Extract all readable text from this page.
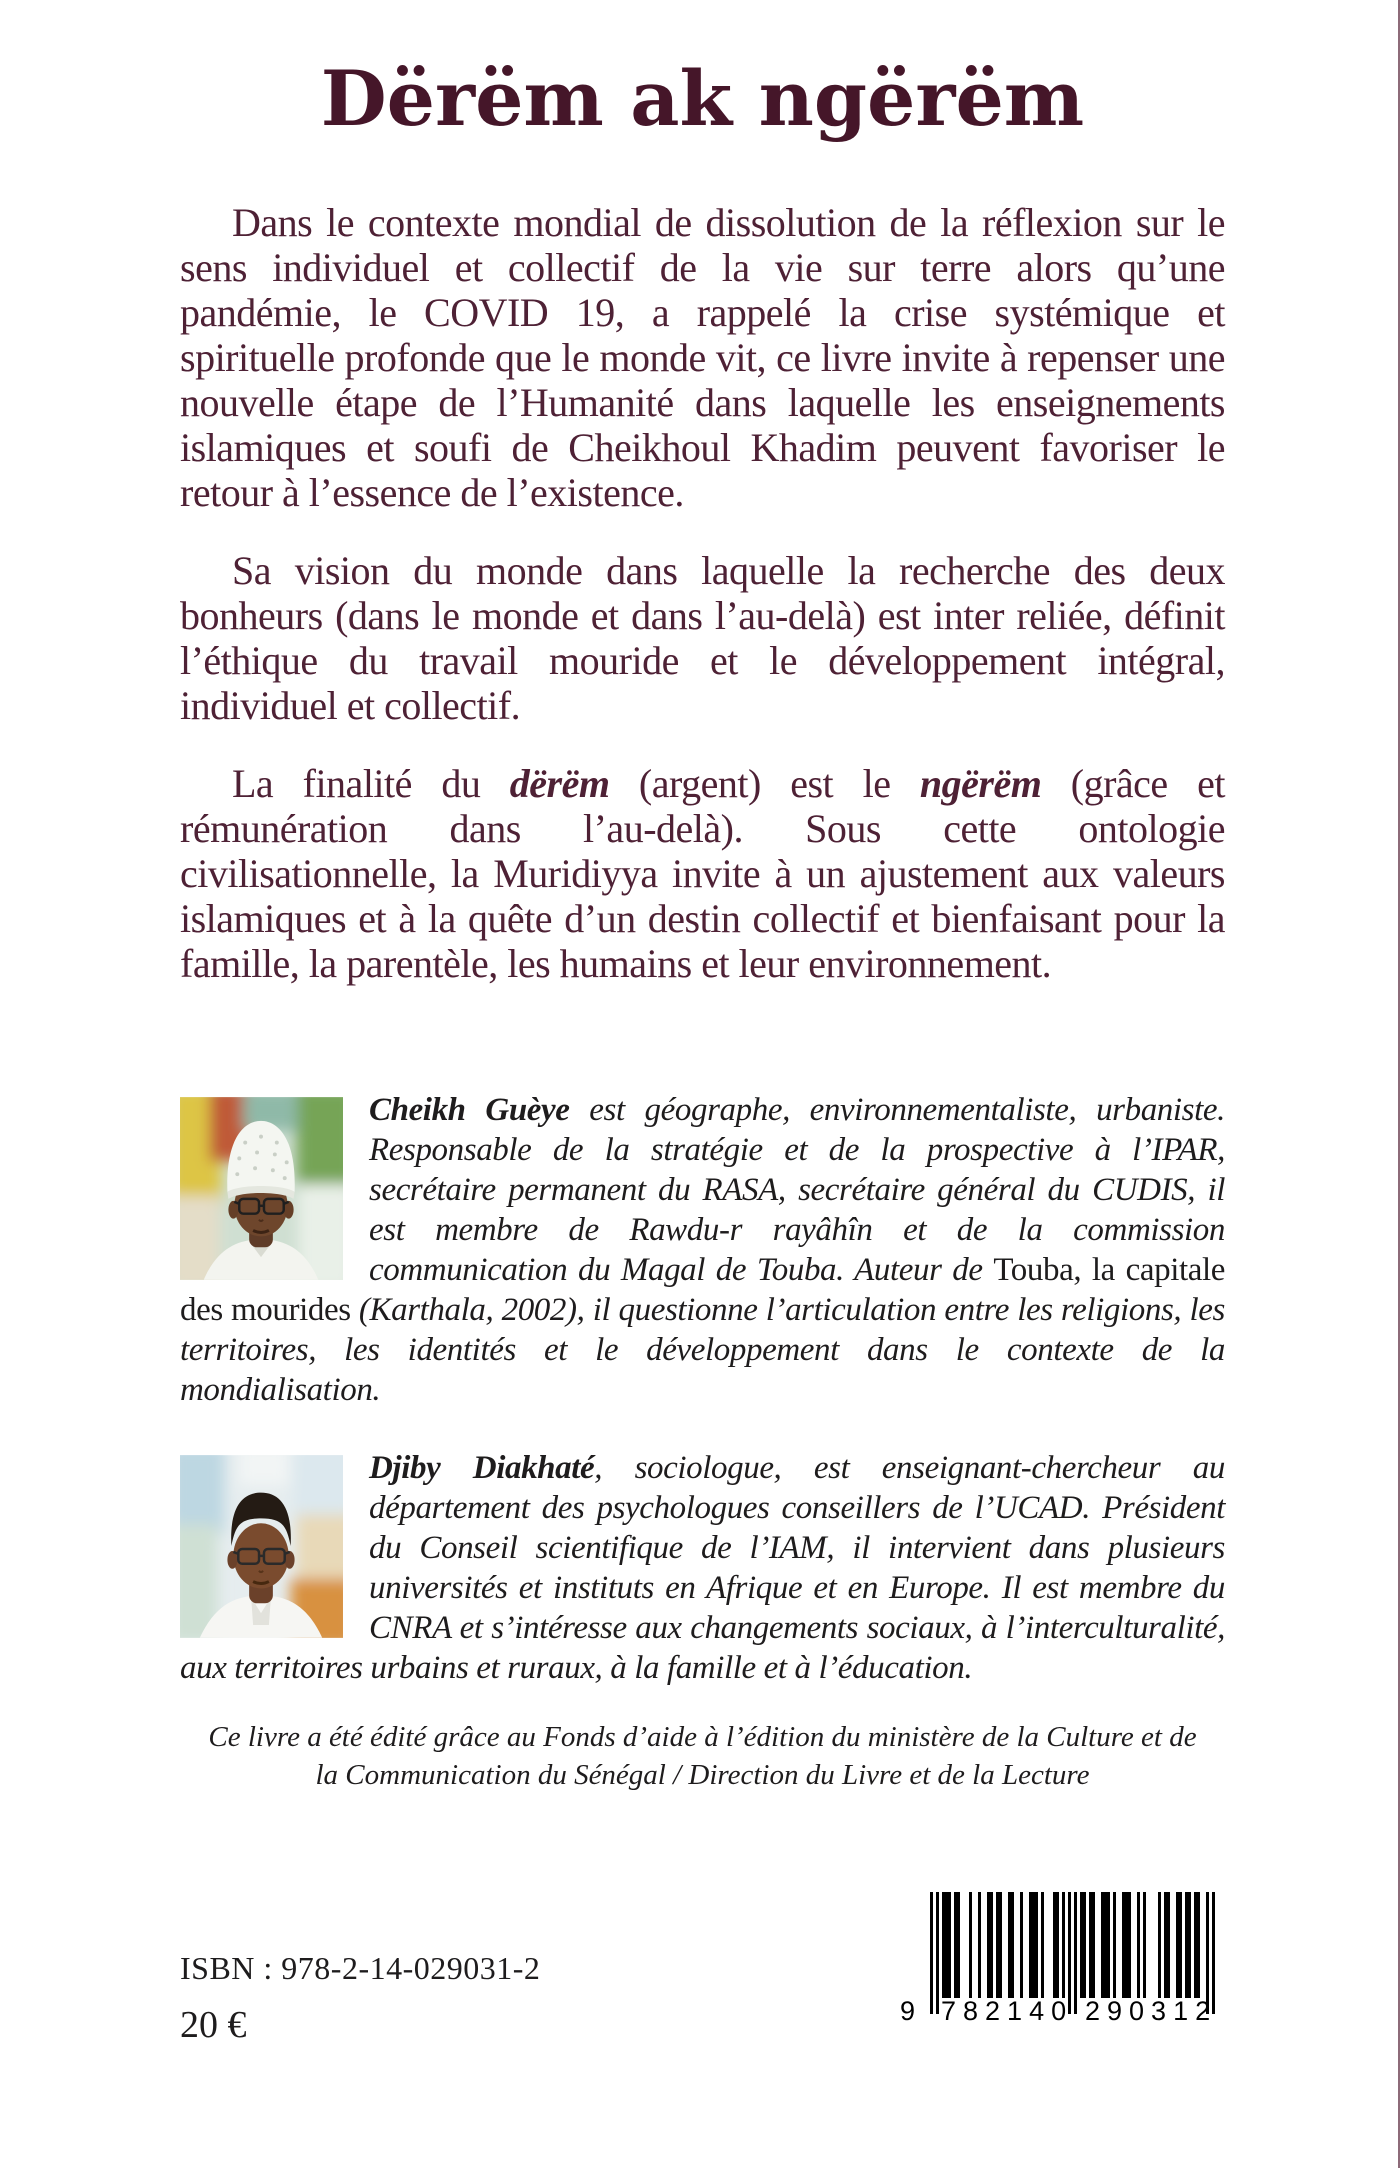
Dërëm ak ngërëm

Dans le contexte mondial de dissolution de la réflexion sur le sens individuel et collectif de la vie sur terre alors qu’une pandémie, le COVID 19, a rappelé la crise systémique et spirituelle profonde que le monde vit, ce livre invite à repenser une nouvelle étape de l’Humanité dans laquelle les enseignements islamiques et soufi de Cheikhoul Khadim peuvent favoriser le retour à l’essence de l’existence.

Sa vision du monde dans laquelle la recherche des deux bonheurs (dans le monde et dans l’au-delà) est inter reliée, définit l’éthique du travail mouride et le développement intégral, individuel et collectif.

La finalité du dërëm (argent) est le ngërëm (grâce et rémunération dans l’au-delà). Sous cette ontologie civilisationnelle, la Muridiyya invite à un ajustement aux valeurs islamiques et à la quête d’un destin collectif et bienfaisant pour la famille, la parentèle, les humains et leur environnement.

Cheikh Guèye est géographe, environnementaliste, urbaniste. Responsable de la stratégie et de la prospective à l’IPAR, secrétaire permanent du RASA, secrétaire général du CUDIS, il est membre de Rawdu-r rayâhîn et de la commission communication du Magal de Touba. Auteur de Touba, la capitale des mourides (Karthala, 2002), il questionne l’articulation entre les religions, les territoires, les identités et le développement dans le contexte de la mondialisation.

Djiby Diakhaté, sociologue, est enseignant-chercheur au département des psychologues conseillers de l’UCAD. Président du Conseil scientifique de l’IAM, il intervient dans plusieurs universités et instituts en Afrique et en Europe. Il est membre du CNRA et s’intéresse aux changements sociaux, à l’interculturalité, aux territoires urbains et ruraux, à la famille et à l’éducation.

Ce livre a été édité grâce au Fonds d’aide à l’édition du ministère de la Culture et de la Communication du Sénégal / Direction du Livre et de la Lecture

ISBN : 978-2-14-029031-2
20 €	9 782140 290312
